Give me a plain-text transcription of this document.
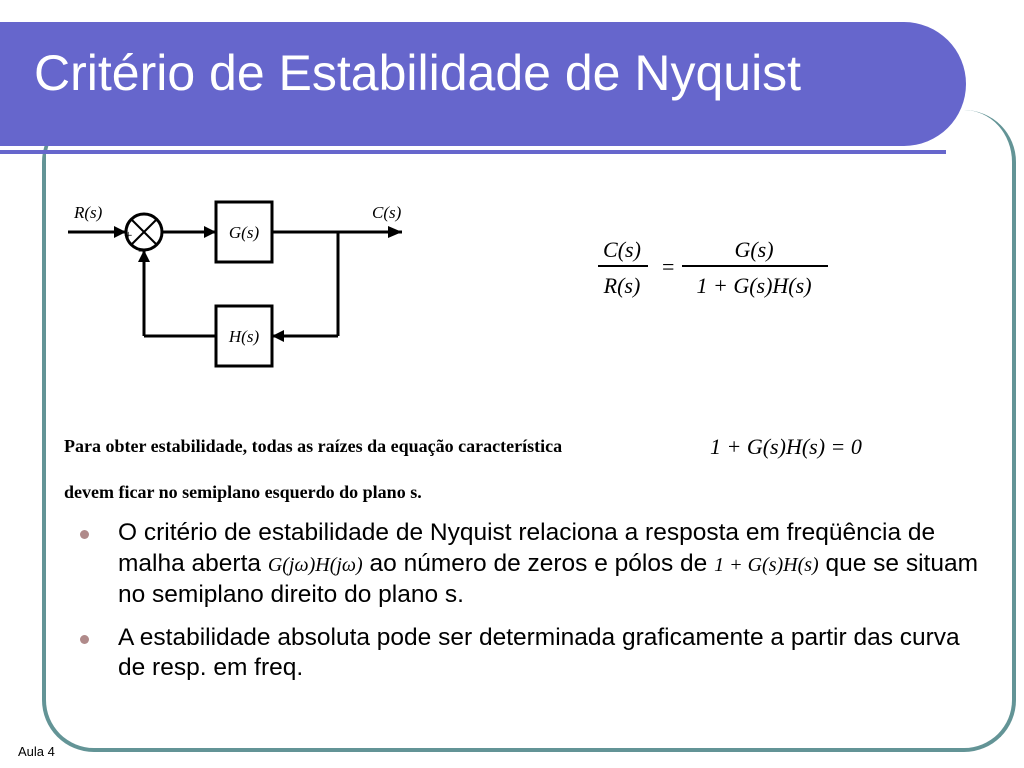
Critério de Estabilidade de Nyquist
R(s)	C(s)
+
−
G(s)
H(s)
C(s)
R(s)
=
G(s)
1 + G(s)H(s)
Para obter estabilidade, todas as raízes da equação característica	1 + G(s)H(s) = 0
devem ficar no semiplano esquerdo do plano s.
O critério de estabilidade de Nyquist relaciona a resposta em freqüência de malha aberta G(jω)H(jω) ao número de zeros e pólos de 1 + G(s)H(s) que se situam no semiplano direito do plano s.
A estabilidade absoluta pode ser determinada graficamente a partir das curva de resp. em freq.
Aula 4
